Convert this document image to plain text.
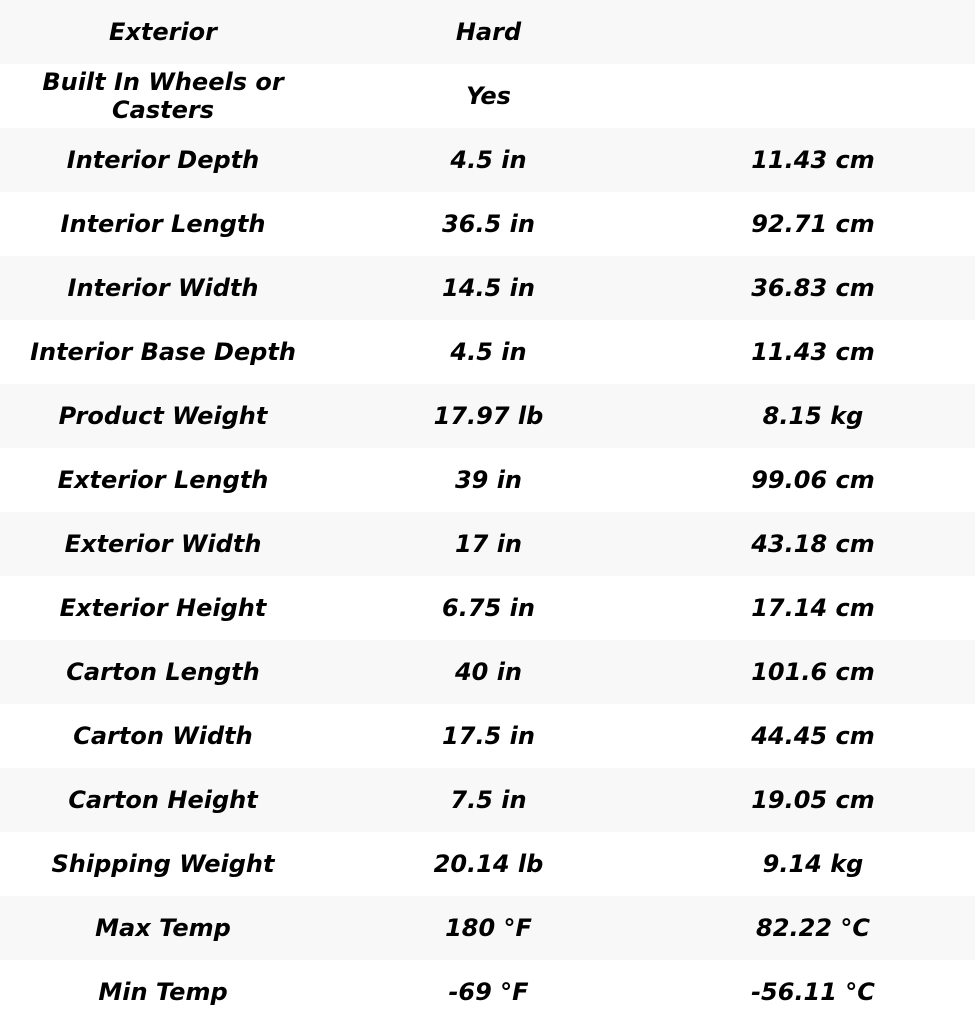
Exterior	Hard	
Built In Wheels or Casters	Yes	
Interior Depth	4.5 in	11.43 cm
Interior Length	36.5 in	92.71 cm
Interior Width	14.5 in	36.83 cm
Interior Base Depth	4.5 in	11.43 cm
Product Weight	17.97 lb	8.15 kg
Exterior Length	39 in	99.06 cm
Exterior Width	17 in	43.18 cm
Exterior Height	6.75 in	17.14 cm
Carton Length	40 in	101.6 cm
Carton Width	17.5 in	44.45 cm
Carton Height	7.5 in	19.05 cm
Shipping Weight	20.14 lb	9.14 kg
Max Temp	180 °F	82.22 °C
Min Temp	-69 °F	-56.11 °C
